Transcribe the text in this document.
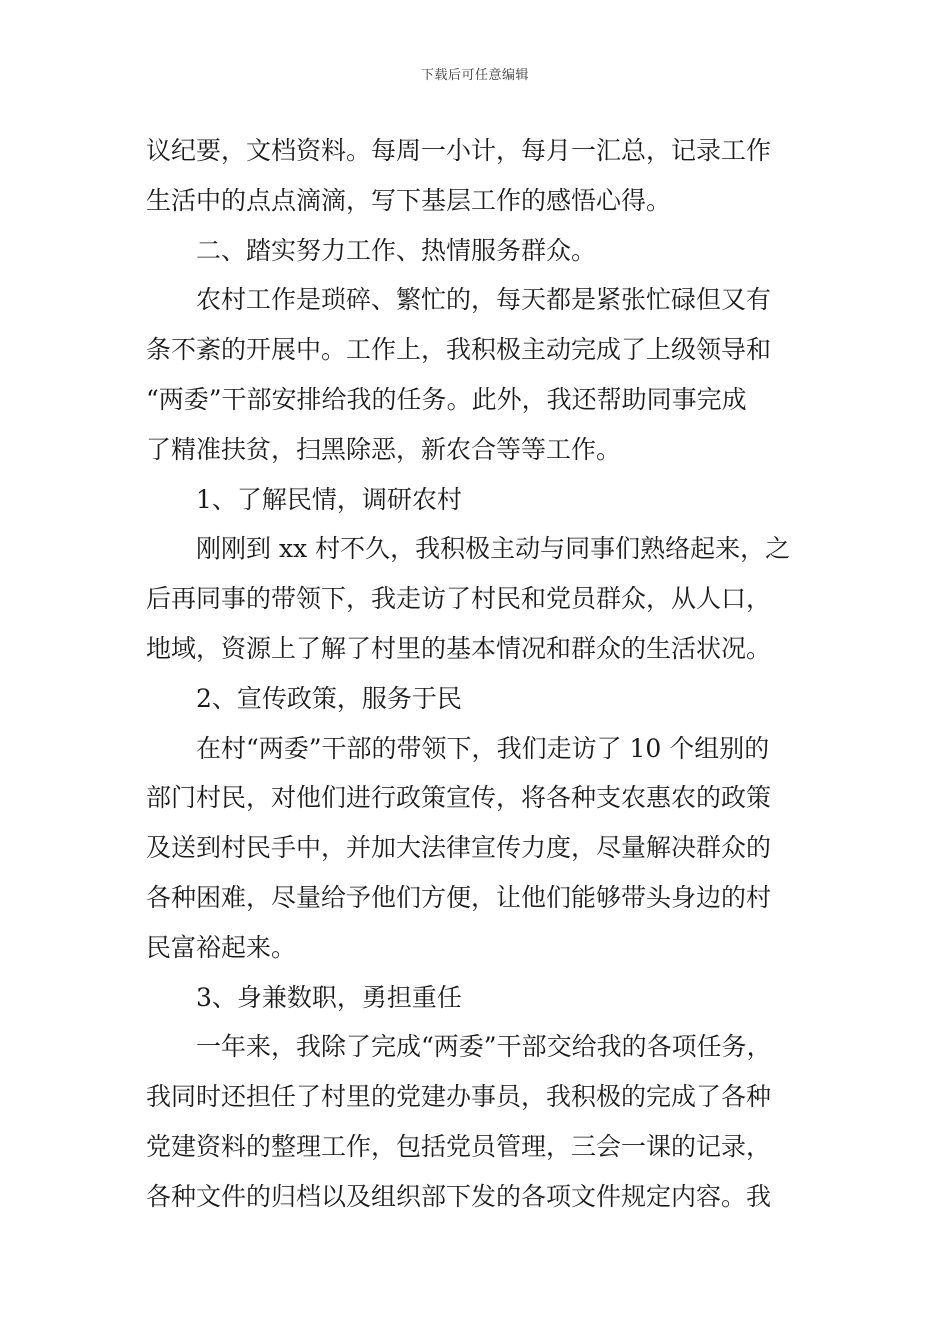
下载后可任意编辑
议纪要，文档资料。每周一小计，每月一汇总，记录工作
生活中的点点滴滴，写下基层工作的感悟心得。
二、踏实努力工作、热情服务群众。
农村工作是琐碎、繁忙的，每天都是紧张忙碌但又有
条不紊的开展中。工作上，我积极主动完成了上级领导和
“两委”干部安排给我的任务。此外，我还帮助同事完成
了精准扶贫，扫黑除恶，新农合等等工作。
1、了解民情，调研农村
刚刚到 xx 村不久，我积极主动与同事们熟络起来，之
后再同事的带领下，我走访了村民和党员群众，从人口，
地域，资源上了解了村里的基本情况和群众的生活状况。
2、宣传政策，服务于民
在村“两委”干部的带领下，我们走访了 10 个组别的
部门村民，对他们进行政策宣传，将各种支农惠农的政策
及送到村民手中，并加大法律宣传力度，尽量解决群众的
各种困难，尽量给予他们方便，让他们能够带头身边的村
民富裕起来。
3、身兼数职，勇担重任
一年来，我除了完成“两委”干部交给我的各项任务，
我同时还担任了村里的党建办事员，我积极的完成了各种
党建资料的整理工作，包括党员管理，三会一课的记录，
各种文件的归档以及组织部下发的各项文件规定内容。我
